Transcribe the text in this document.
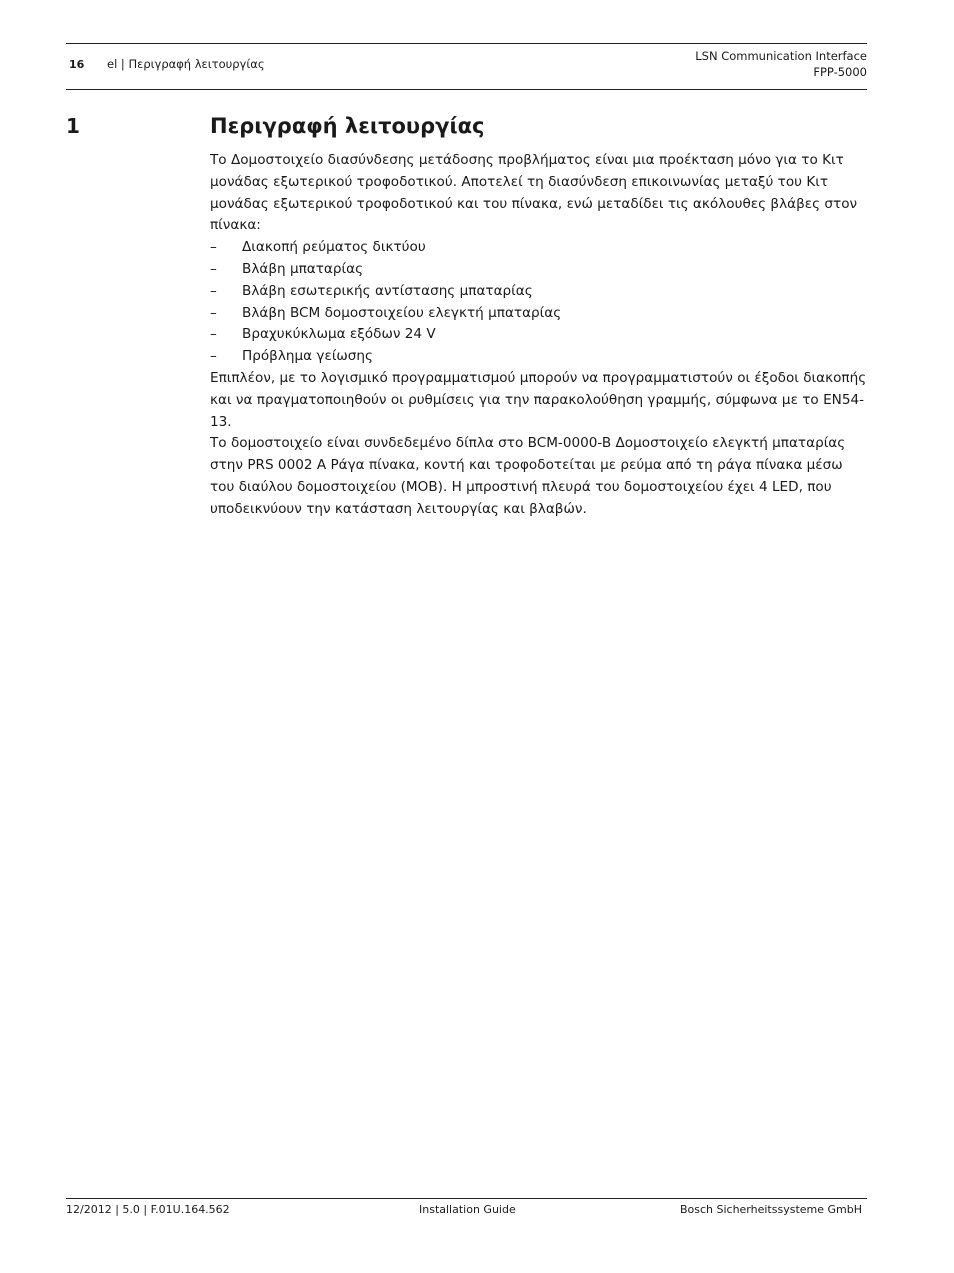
16 el | Περιγραφή λειτουργίας
LSN Communication Interface
FPP-5000
1	Περιγραφή λειτουργίας

Το Δομοστοιχείο διασύνδεσης μετάδοσης προβλήματος είναι μια προέκταση μόνο για το Κιτ μονάδας εξωτερικού τροφοδοτικού. Αποτελεί τη διασύνδεση επικοινωνίας μεταξύ του Κιτ μονάδας εξωτερικού τροφοδοτικού και του πίνακα, ενώ μεταδίδει τις ακόλουθες βλάβες στον πίνακα:

– Διακοπή ρεύματος δικτύου
– Βλάβη μπαταρίας
– Βλάβη εσωτερικής αντίστασης μπαταρίας
– Βλάβη BCM δομοστοιχείου ελεγκτή μπαταρίας
– Βραχυκύκλωμα εξόδων 24 V
– Πρόβλημα γείωσης

Επιπλέον, με το λογισμικό προγραμματισμού μπορούν να προγραμματιστούν οι έξοδοι διακοπής και να πραγματοποιηθούν οι ρυθμίσεις για την παρακολούθηση γραμμής, σύμφωνα με το EN54-13.

Το δομοστοιχείο είναι συνδεδεμένο δίπλα στο BCM-0000-B Δομοστοιχείο ελεγκτή μπαταρίας στην PRS 0002 A Ράγα πίνακα, κοντή και τροφοδοτείται με ρεύμα από τη ράγα πίνακα μέσω του διαύλου δομοστοιχείου (MOB). Η μπροστινή πλευρά του δομοστοιχείου έχει 4 LED, που υποδεικνύουν την κατάσταση λειτουργίας και βλαβών.

12/2012 | 5.0 | F.01U.164.562	Installation Guide	Bosch Sicherheitssysteme GmbH
